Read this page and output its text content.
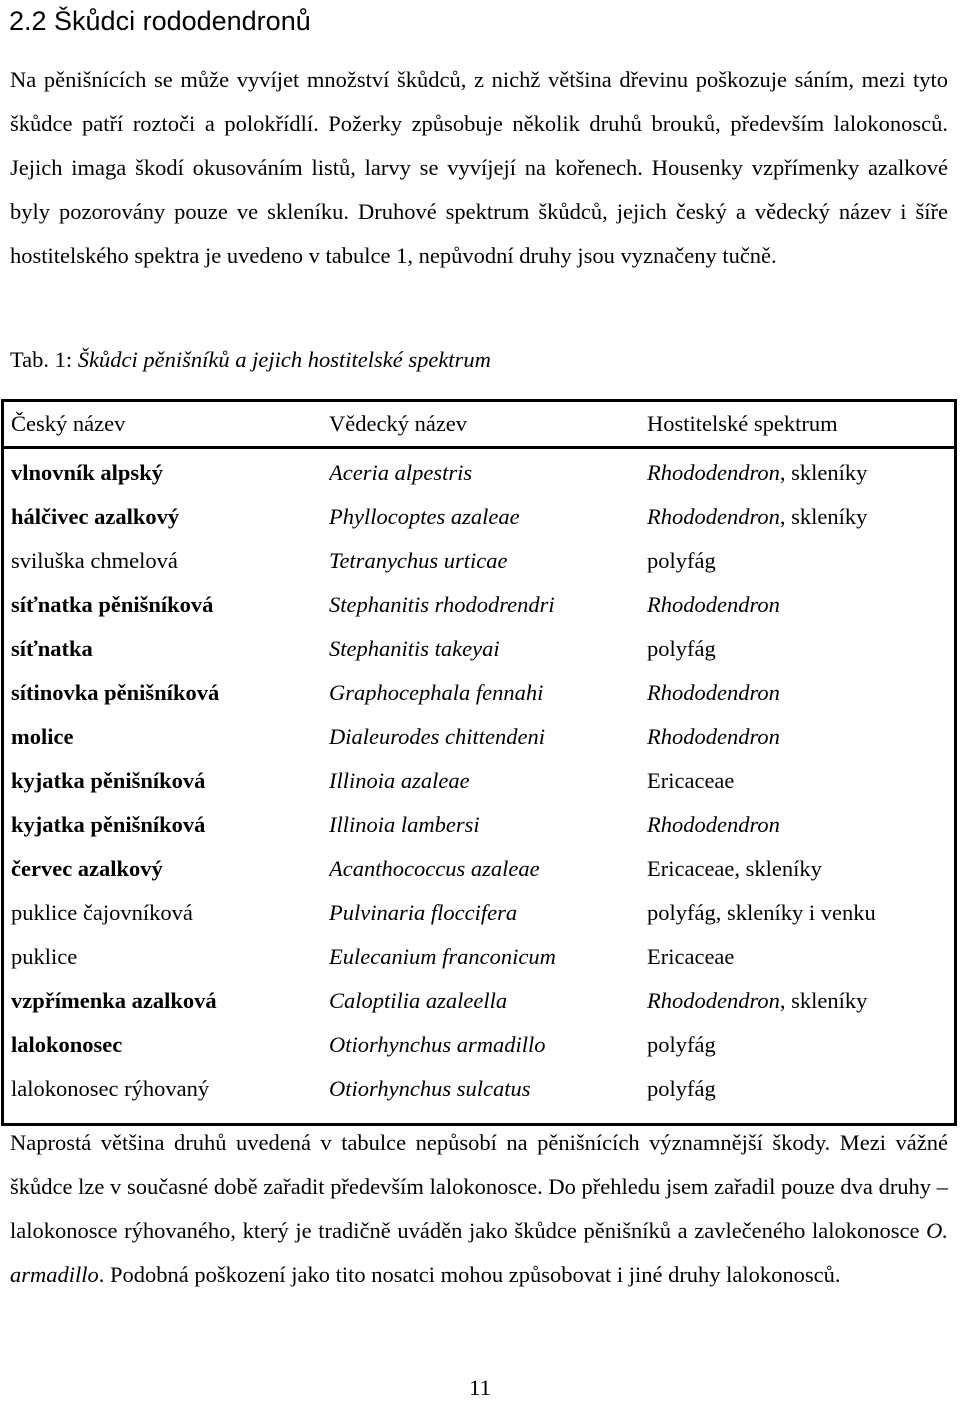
2.2 Škůdci rododendronů

Na pěnišnících se může vyvíjet množství škůdců, z nichž většina dřevinu poškozuje sáním, mezi tyto škůdce patří roztoči a polokřídlí. Požerky způsobuje několik druhů brouků, především lalokonosců. Jejich imaga škodí okusováním listů, larvy se vyvíjejí na kořenech. Housenky vzpřímenky azalkové byly pozorovány pouze ve skleníku. Druhové spektrum škůdců, jejich český a vědecký název i šíře hostitelského spektra je uvedeno v tabulce 1, nepůvodní druhy jsou vyznačeny tučně.

Tab. 1: Škůdci pěnišníků a jejich hostitelské spektrum

Český název	Vědecký název	Hostitelské spektrum
vlnovník alpský	Aceria alpestris	Rhododendron, skleníky
hálčivec azalkový	Phyllocoptes azaleae	Rhododendron, skleníky
sviluška chmelová	Tetranychus urticae	polyfág
síťnatka pěnišníková	Stephanitis rhododrendri	Rhododendron
síťnatka	Stephanitis takeyai	polyfág
sítinovka pěnišníková	Graphocephala fennahi	Rhododendron
molice	Dialeurodes chittendeni	Rhododendron
kyjatka pěnišníková	Illinoia azaleae	Ericaceae
kyjatka pěnišníková	Illinoia lambersi	Rhododendron
červec azalkový	Acanthococcus azaleae	Ericaceae, skleníky
puklice čajovníková	Pulvinaria floccifera	polyfág, skleníky i venku
puklice	Eulecanium franconicum	Ericaceae
vzpřímenka azalková	Caloptilia azaleella	Rhododendron, skleníky
lalokonosec	Otiorhynchus armadillo	polyfág
lalokonosec rýhovaný	Otiorhynchus sulcatus	polyfág

Naprostá většina druhů uvedená v tabulce nepůsobí na pěnišnících významnější škody. Mezi vážné škůdce lze v současné době zařadit především lalokonosce. Do přehledu jsem zařadil pouze dva druhy – lalokonosce rýhovaného, který je tradičně uváděn jako škůdce pěnišníků a zavlečeného lalokonosce O. armadillo. Podobná poškození jako tito nosatci mohou způsobovat i jiné druhy lalokonosců.

11
